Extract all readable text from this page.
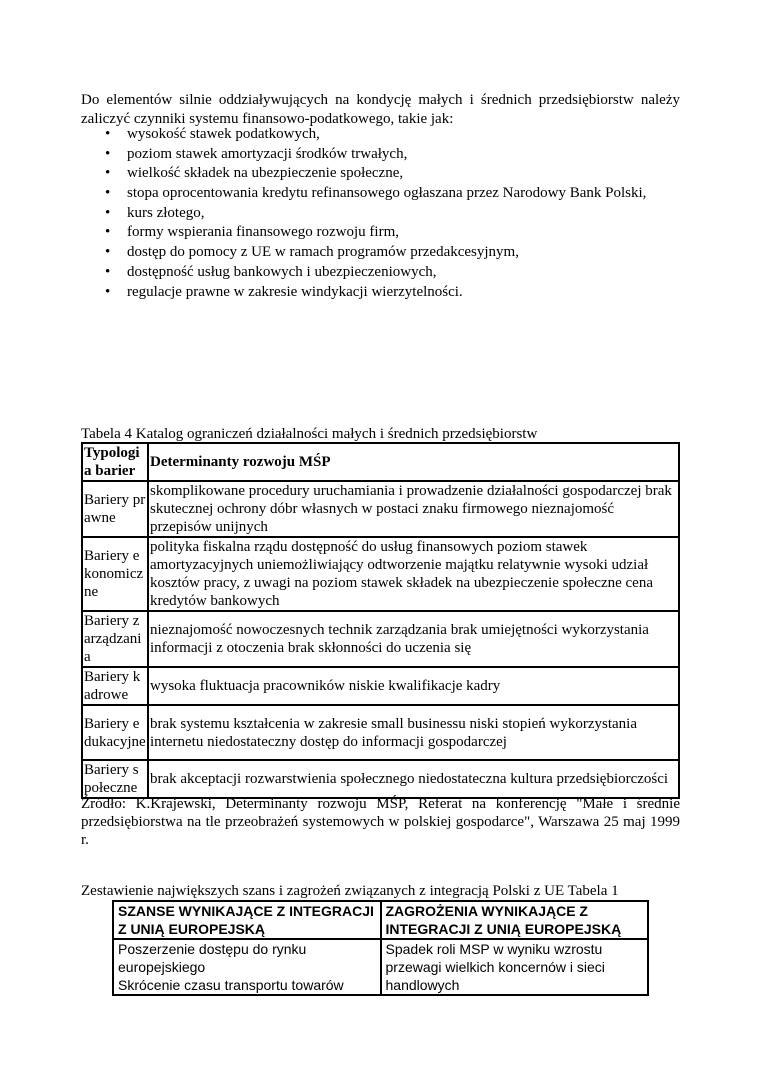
Do elementów silnie oddziaływujących na kondycję małych i średnich przedsiębiorstw należy zaliczyć czynniki systemu finansowo-podatkowego, takie jak:

• wysokość stawek podatkowych,
• poziom stawek amortyzacji środków trwałych,
• wielkość składek na ubezpieczenie społeczne,
• stopa oprocentowania kredytu refinansowego ogłaszana przez Narodowy Bank Polski,
• kurs złotego,
• formy wspierania finansowego rozwoju firm,
• dostęp do pomocy z UE w ramach programów przedakcesyjnym,
• dostępność usług bankowych i ubezpieczeniowych,
• regulacje prawne w zakresie windykacji wierzytelności.
Tabela 4 Katalog ograniczeń działalności małych i średnich przedsiębiorstw
Typologia barier	Determinanty rozwoju MŚP
Bariery prawne	skomplikowane procedury uruchamiania i prowadzenie działalności gospodarczej brak skutecznej ochrony dóbr własnych w postaci znaku firmowego nieznajomość przepisów unijnych
Bariery ekonomiczne	polityka fiskalna rządu dostępność do usług finansowych poziom stawek amortyzacyjnych uniemożliwiający odtworzenie majątku relatywnie wysoki udział kosztów pracy, z uwagi na poziom stawek składek na ubezpieczenie społeczne cena kredytów bankowych
Bariery zarządzania	nieznajomość nowoczesnych technik zarządzania brak umiejętności wykorzystania informacji z otoczenia brak skłonności do uczenia się
Bariery kadrowe	wysoka fluktuacja pracowników niskie kwalifikacje kadry
Bariery edukacyjne	brak systemu kształcenia w zakresie small businessu niski stopień wykorzystania internetu niedostateczny dostęp do informacji gospodarczej
Bariery społeczne	brak akceptacji rozwarstwienia społecznego niedostateczna kultura przedsiębiorczości

Źródło: K.Krajewski, Determinanty rozwoju MŚP, Referat na konferencję "Małe i średnie przedsiębiorstwa na tle przeobrażeń systemowych w polskiej gospodarce", Warszawa 25 maj 1999 r.

Zestawienie największych szans i zagrożeń związanych z integracją Polski z UE Tabela 1
SZANSE WYNIKAJĄCE Z INTEGRACJI Z UNIĄ EUROPEJSKĄ	ZAGROŻENIA WYNIKAJĄCE Z INTEGRACJI Z UNIĄ EUROPEJSKĄ

Poszerzenie dostępu do rynku europejskiego
Skrócenie czasu transportu towarów	Spadek roli MSP w wyniku wzrostu przewagi wielkich koncernów i sieci handlowych
